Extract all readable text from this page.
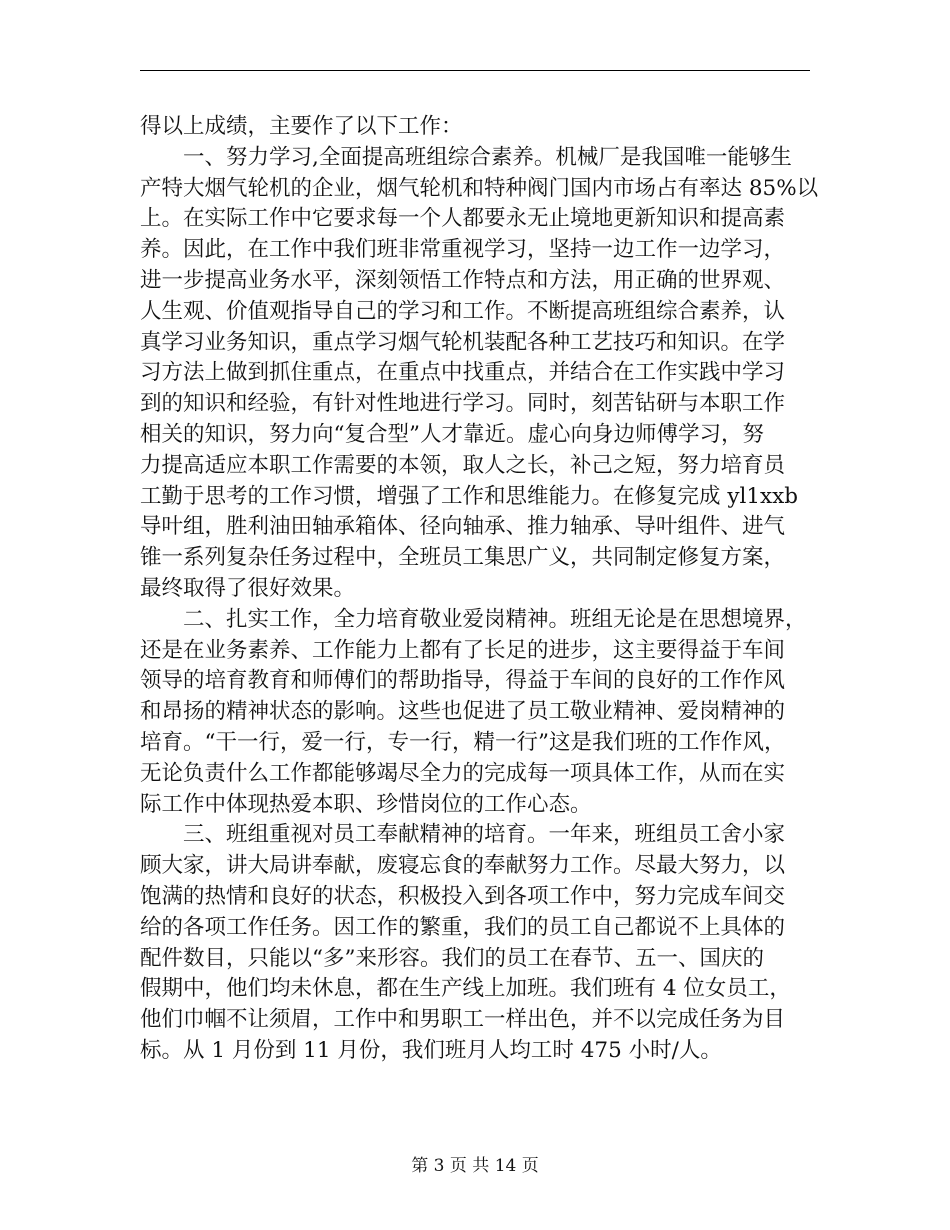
得以上成绩，主要作了以下工作：
一、努力学习,全面提高班组综合素养。机械厂是我国唯一能够生
产特大烟气轮机的企业，烟气轮机和特种阀门国内市场占有率达 85%以
上。在实际工作中它要求每一个人都要永无止境地更新知识和提高素
养。因此，在工作中我们班非常重视学习，坚持一边工作一边学习，
进一步提高业务水平，深刻领悟工作特点和方法，用正确的世界观、
人生观、价值观指导自己的学习和工作。不断提高班组综合素养，认
真学习业务知识，重点学习烟气轮机装配各种工艺技巧和知识。在学
习方法上做到抓住重点，在重点中找重点，并结合在工作实践中学习
到的知识和经验，有针对性地进行学习。同时，刻苦钻研与本职工作
相关的知识，努力向“复合型”人才靠近。虚心向身边师傅学习，努
力提高适应本职工作需要的本领，取人之长，补己之短，努力培育员
工勤于思考的工作习惯，增强了工作和思维能力。在修复完成 yl1xxb
导叶组，胜利油田轴承箱体、径向轴承、推力轴承、导叶组件、进气
锥一系列复杂任务过程中，全班员工集思广义，共同制定修复方案，
最终取得了很好效果。
二、扎实工作，全力培育敬业爱岗精神。班组无论是在思想境界，
还是在业务素养、工作能力上都有了长足的进步，这主要得益于车间
领导的培育教育和师傅们的帮助指导，得益于车间的良好的工作作风
和昂扬的精神状态的影响。这些也促进了员工敬业精神、爱岗精神的
培育。“干一行，爱一行，专一行，精一行”这是我们班的工作作风，
无论负责什么工作都能够竭尽全力的完成每一项具体工作，从而在实
际工作中体现热爱本职、珍惜岗位的工作心态。
三、班组重视对员工奉献精神的培育。一年来，班组员工舍小家
顾大家，讲大局讲奉献，废寝忘食的奉献努力工作。尽最大努力，以
饱满的热情和良好的状态，积极投入到各项工作中，努力完成车间交
给的各项工作任务。因工作的繁重，我们的员工自己都说不上具体的
配件数目，只能以“多”来形容。我们的员工在春节、五一、国庆的
假期中，他们均未休息，都在生产线上加班。我们班有 4 位女员工，
他们巾帼不让须眉，工作中和男职工一样出色，并不以完成任务为目
标。从 1 月份到 11 月份，我们班月人均工时 475 小时/人。
第 3 页 共 14 页
